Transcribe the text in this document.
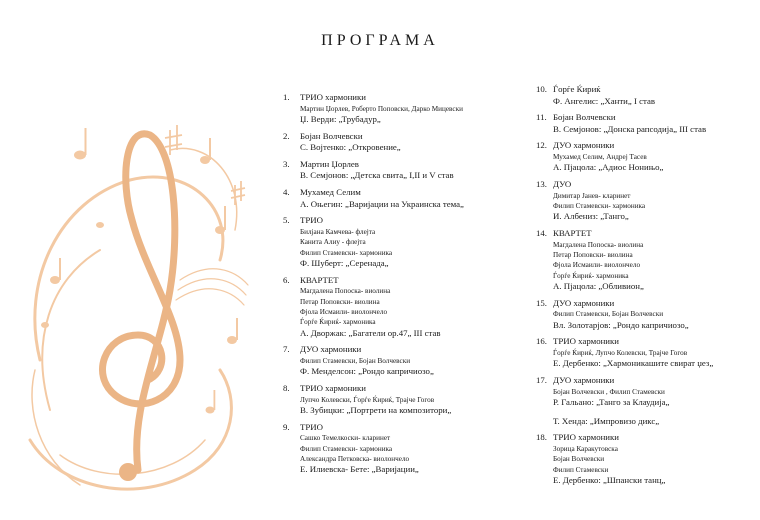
ПРОГРАМА
1.	ТРИО хармоники
Мартин Џорлев, Роберто Поповски, Дарко Мицевски
Џ. Верди: „Трубадур„
2.	Бојан Волчевски
С. Војтенко: „Откровение„
3.	Мартин Џорлев
В. Семјонов: „Детска свита„ I,II и V став
4.	Мухамед Селим
А. Оњегин: „Варијации на Украинска тема„
5.	ТРИО
Билјана Камчева- флејта
Канита Алиу - флејта
Филип Стамевски- хармоника
Ф. Шуберт: „Серенада„
6.	КВАРТЕТ
Магдалена Попоска- виолина
Петар Поповски- виолина
Фјола Исмаили- виолончело
Ѓорѓе Ќириќ- хармоника
А. Дворжак: „Багатели ор.47„ III став
7.	ДУО хармоники
Филип Стамевски, Бојан Волчевски
Ф. Менделсон: „Рондо капричиозо„
8.	ТРИО хармоники
Лупчо Колевски, Ѓорѓе Ќириќ, Трајче Гогов
В. Зубицки: „Портрети на композитори„
9.	ТРИО
Сашко Темелкоски- кларинет
Филип Стамевски- хармоника
Александра Петковска- виолончело
Е. Илиевска- Бете: „Варијации„
10. Ѓорѓе Ќириќ
Ф. Ангелис: „Ханти„ I став
11. Бојан Волчевски
В. Семјонов: „Донска рапсодија„ III став
12. ДУО хармоники
Мухамед Селим, Андреј Тасев
А. Пјацола: „Адиос Нонињо„
13. ДУО
Димитар Јанев- кларинет
Филип Стамевски- хармоника
И. Албениз: „Танго„
14. КВАРТЕТ
Магдалена Попоска- виолина
Петар Поповски- виолина
Фјола Исмаили- виолончело
Ѓорѓе Ќириќ- хармоника
А. Пјацола: „Обливион„
15. ДУО хармоники
Филип Стамевски, Бојан Волчевски
Вл. Золотарјов: „Рондо капричиозо„
16. ТРИО хармоники
Ѓорѓе Ќириќ, Лупчо Колевски, Трајче Гогов
Е. Дербенко: „Хармоникашите свират џез„
17. ДУО хармоники
Бојан Волчевски , Филип Стамевски
Р. Гальано: „Танго за Клаудија„
Т. Хенда: „Импровизо дикс„
18. ТРИО хармоники
Зорица Каракутовска
Бојан Волчевски
Филип Стамевски
Е. Дербенко: „Шпански танц„
